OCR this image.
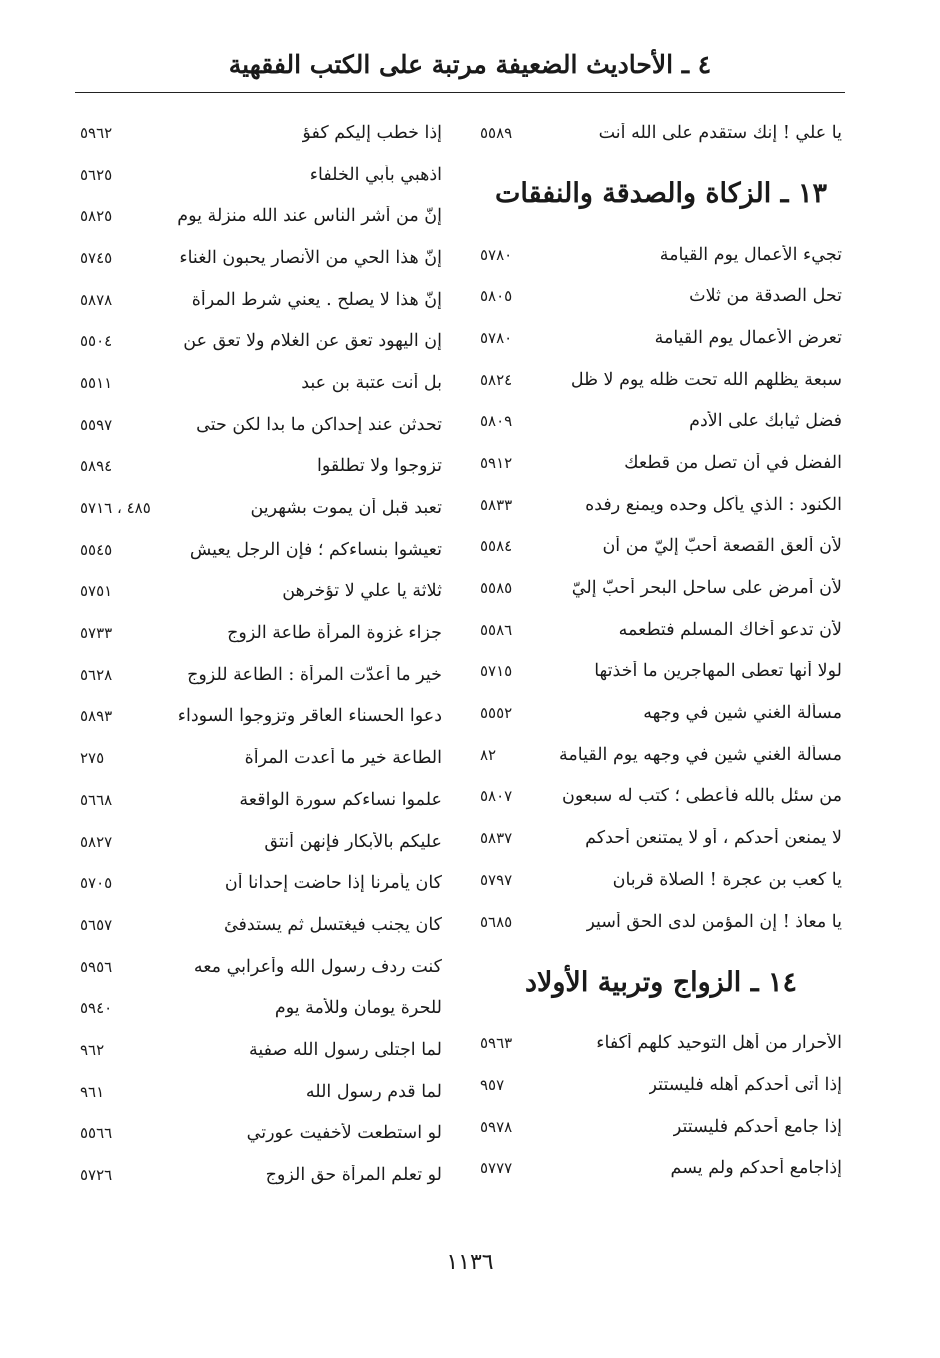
٤ ـ الأحاديث الضعيفة مرتبة على الكتب الفقهية
يا علي ! إنك ستقدم على الله أنت
٥٥٨٩
١٣ ـ الزكاة والصدقة والنفقات
تجيء الأعمال يوم القيامة
٥٧٨٠
تحل الصدقة من ثلاث
٥٨٠٥
تعرض الأعمال يوم القيامة
٥٧٨٠
سبعة يظلهم الله تحت ظله يوم لا ظل
٥٨٢٤
فضل ثيابك على الأدم
٥٨٠٩
الفضل في أن تصل من قطعك
٥٩١٢
الكنود : الذي يأكل وحده ويمنع رفده
٥٨٣٣
لأن ألعق القصعة أحبّ إليّ من أن
٥٥٨٤
لأن أمرض على ساحل البحر أحبّ إليّ
٥٥٨٥
لأن تدعو أخاك المسلم فتطعمه
٥٥٨٦
لولا أنها تعطى المهاجرين ما أخذتها
٥٧١٥
مسألة الغني شين في وجهه
٥٥٥٢
مسألة الغني شين في وجهه يوم القيامة
٨٢
من سئل بالله فأعطى ؛ كتب له سبعون
٥٨٠٧
لا يمنعن أحدكم ، أو لا يمتنعن أحدكم
٥٨٣٧
يا كعب بن عجرة ! الصلاة قربان
٥٧٩٧
يا معاذ ! إن المؤمن لدى الحق أسير
٥٦٨٥
١٤ ـ الزواج وتربية الأولاد
الأحرار من أهل التوحيد كلهم أكفاء
٥٩٦٣
إذا أتى أحدكم أهله فليستتر
٩٥٧
إذا جامع أحدكم فليستتر
٥٩٧٨
إذاجامع أحدكم ولم يسم
٥٧٧٧
إذا خطب إليكم كفؤ
٥٩٦٢
اذهبي بأبي الخلفاء
٥٦٢٥
إنّ من أشر الناس عند الله منزلة يوم
٥٨٢٥
إنّ هذا الحي من الأنصار يحبون الغناء
٥٧٤٥
إنّ هذا لا يصلح . يعني شرط المرأة
٥٨٧٨
إن اليهود تعق عن الغلام ولا تعق عن
٥٥٠٤
بل أنت عتبة بن عبد
٥٥١١
تحدثن عند إحداكن ما بدا لكن حتى
٥٥٩٧
تزوجوا ولا تطلقوا
٥٨٩٤
تعبد قبل أن يموت بشهرين
٤٨٥ ، ٥٧١٦
تعيشوا بنساءكم ؛ فإن الرجل يعيش
٥٥٤٥
ثلاثة يا علي لا تؤخرهن
٥٧٥١
جزاء غزوة المرأة طاعة الزوج
٥٧٣٣
خير ما أعدّت المرأة : الطاعة للزوج
٥٦٢٨
دعوا الحسناء العاقر وتزوجوا السوداء
٥٨٩٣
الطاعة خير ما أعدت المرأة
٢٧٥
علموا نساءكم سورة الواقعة
٥٦٦٨
عليكم بالأبكار فإنهن أنتق
٥٨٢٧
كان يأمرنا إذا حاضت إحدانا أن
٥٧٠٥
كان يجنب فيغتسل ثم يستدفئ
٥٦٥٧
كنت ردف رسول الله وأعرابي معه
٥٩٥٦
للحرة يومان وللأمة يوم
٥٩٤٠
لما اجتلى رسول الله صفية
٩٦٢
لما قدم رسول الله
٩٦١
لو استطعت لأخفيت عورتي
٥٥٦٦
لو تعلم المرأة حق الزوج
٥٧٢٦
١١٣٦
